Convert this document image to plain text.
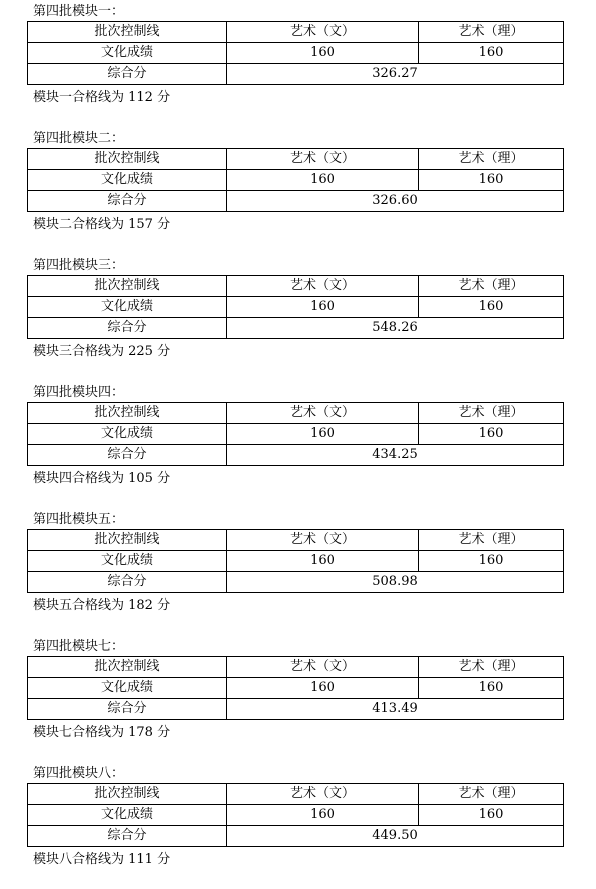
第四批模块一：
批次控制线	艺术（文）	艺术（理）
文化成绩	160	160
综合分	326.27	
模块一合格线为 112 分
第四批模块二：
批次控制线	艺术（文）	艺术（理）
文化成绩	160	160
综合分	326.60	
模块二合格线为 157 分
第四批模块三：
批次控制线	艺术（文）	艺术（理）
文化成绩	160	160
综合分	548.26	
模块三合格线为 225 分
第四批模块四：
批次控制线	艺术（文）	艺术（理）
文化成绩	160	160
综合分	434.25	
模块四合格线为 105 分
第四批模块五：
批次控制线	艺术（文）	艺术（理）
文化成绩	160	160
综合分	508.98	
模块五合格线为 182 分
第四批模块七：
批次控制线	艺术（文）	艺术（理）
文化成绩	160	160
综合分	413.49	
模块七合格线为 178 分
第四批模块八：
批次控制线	艺术（文）	艺术（理）
文化成绩	160	160
综合分	449.50	
模块八合格线为 111 分
